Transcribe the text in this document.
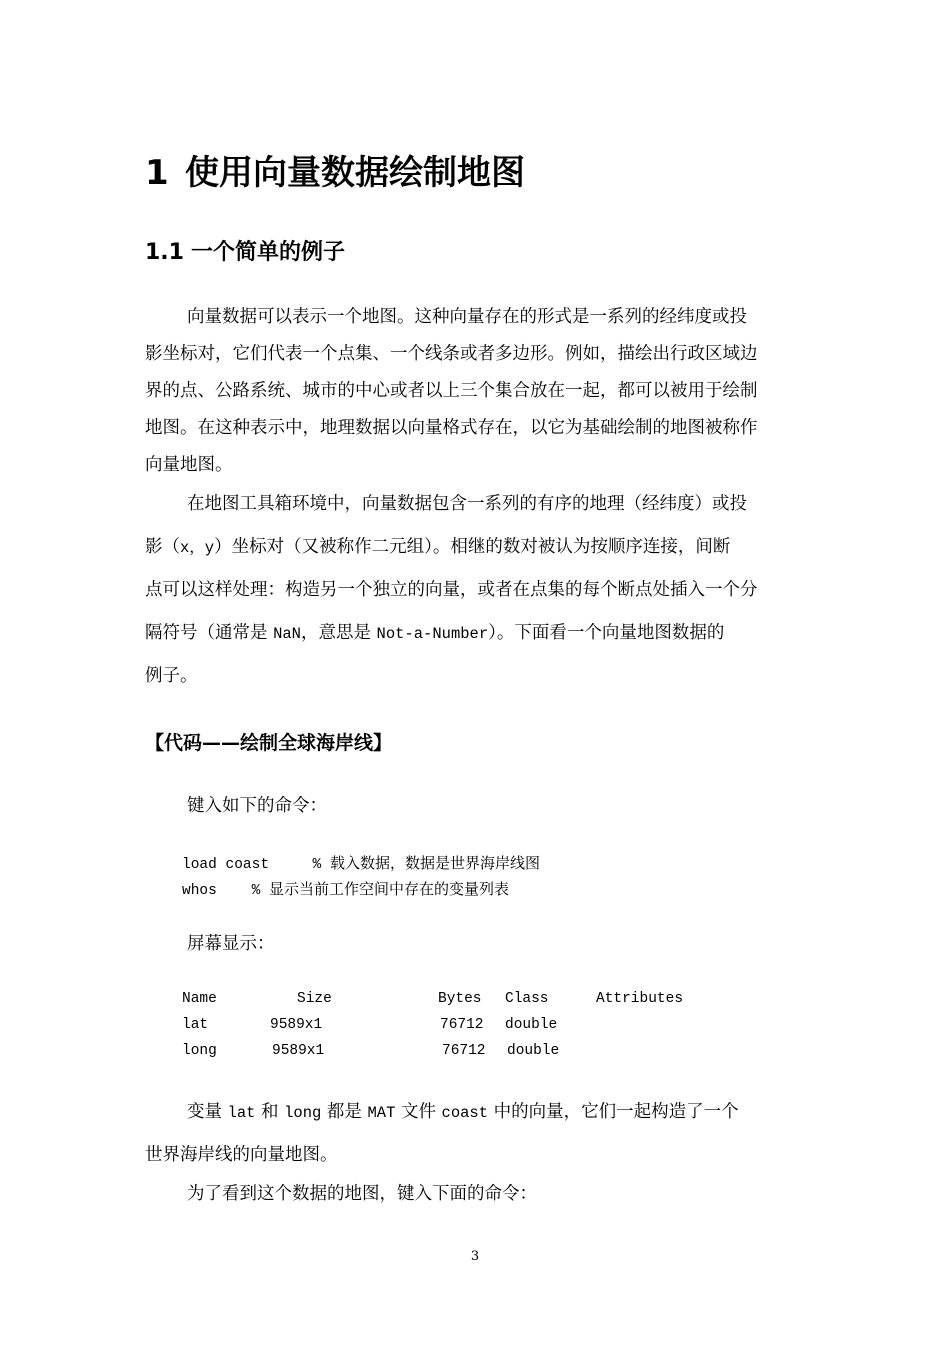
1 使用向量数据绘制地图
1.1 一个简单的例子
向量数据可以表示一个地图。这种向量存在的形式是一系列的经纬度或投
影坐标对，它们代表一个点集、一个线条或者多边形。例如，描绘出行政区域边
界的点、公路系统、城市的中心或者以上三个集合放在一起，都可以被用于绘制
地图。在这种表示中，地理数据以向量格式存在，以它为基础绘制的地图被称作
向量地图。
在地图工具箱环境中，向量数据包含一系列的有序的地理（经纬度）或投
影（x，y）坐标对（又被称作二元组）。相继的数对被认为按顺序连接，间断
点可以这样处理：构造另一个独立的向量，或者在点集的每个断点处插入一个分
隔符号（通常是 NaN，意思是 Not-a-Number）。下面看一个向量地图数据的
例子。
【代码——绘制全球海岸线】
键入如下的命令：
load coast     % 载入数据，数据是世界海岸线图
whos    % 显示当前工作空间中存在的变量列表
屏幕显示：
Name	Size	Bytes Class	Attributes
lat	9589x1	76712 double
long	9589x1	76712 double
变量 lat 和 long 都是 MAT 文件 coast 中的向量，它们一起构造了一个
世界海岸线的向量地图。
为了看到这个数据的地图，键入下面的命令：
3
